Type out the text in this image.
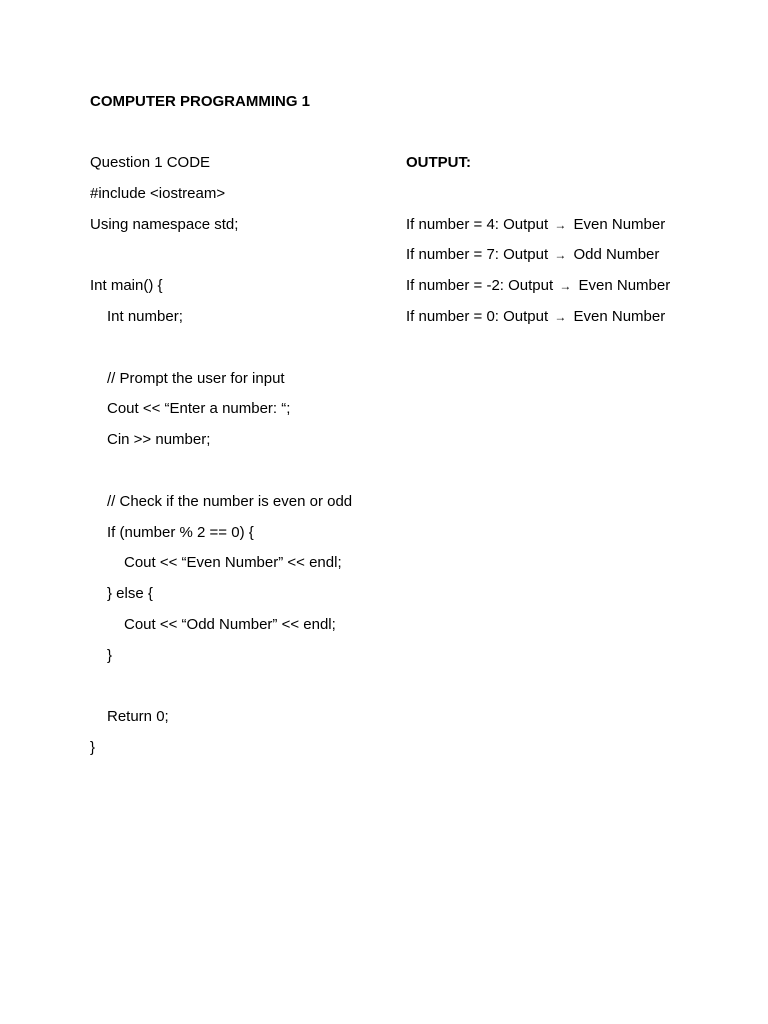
COMPUTER PROGRAMMING 1
Question 1 CODE
#include <iostream>
Using namespace std;
Int main() {
Int number;
// Prompt the user for input
Cout << “Enter a number: “;
Cin >> number;
// Check if the number is even or odd
If (number % 2 == 0) {
Cout << “Even Number” << endl;
} else {
Cout << “Odd Number” << endl;
}
Return 0;
}
OUTPUT:
If number = 4: Output → Even Number
If number = 7: Output → Odd Number
If number = -2: Output → Even Number
If number = 0: Output → Even Number
